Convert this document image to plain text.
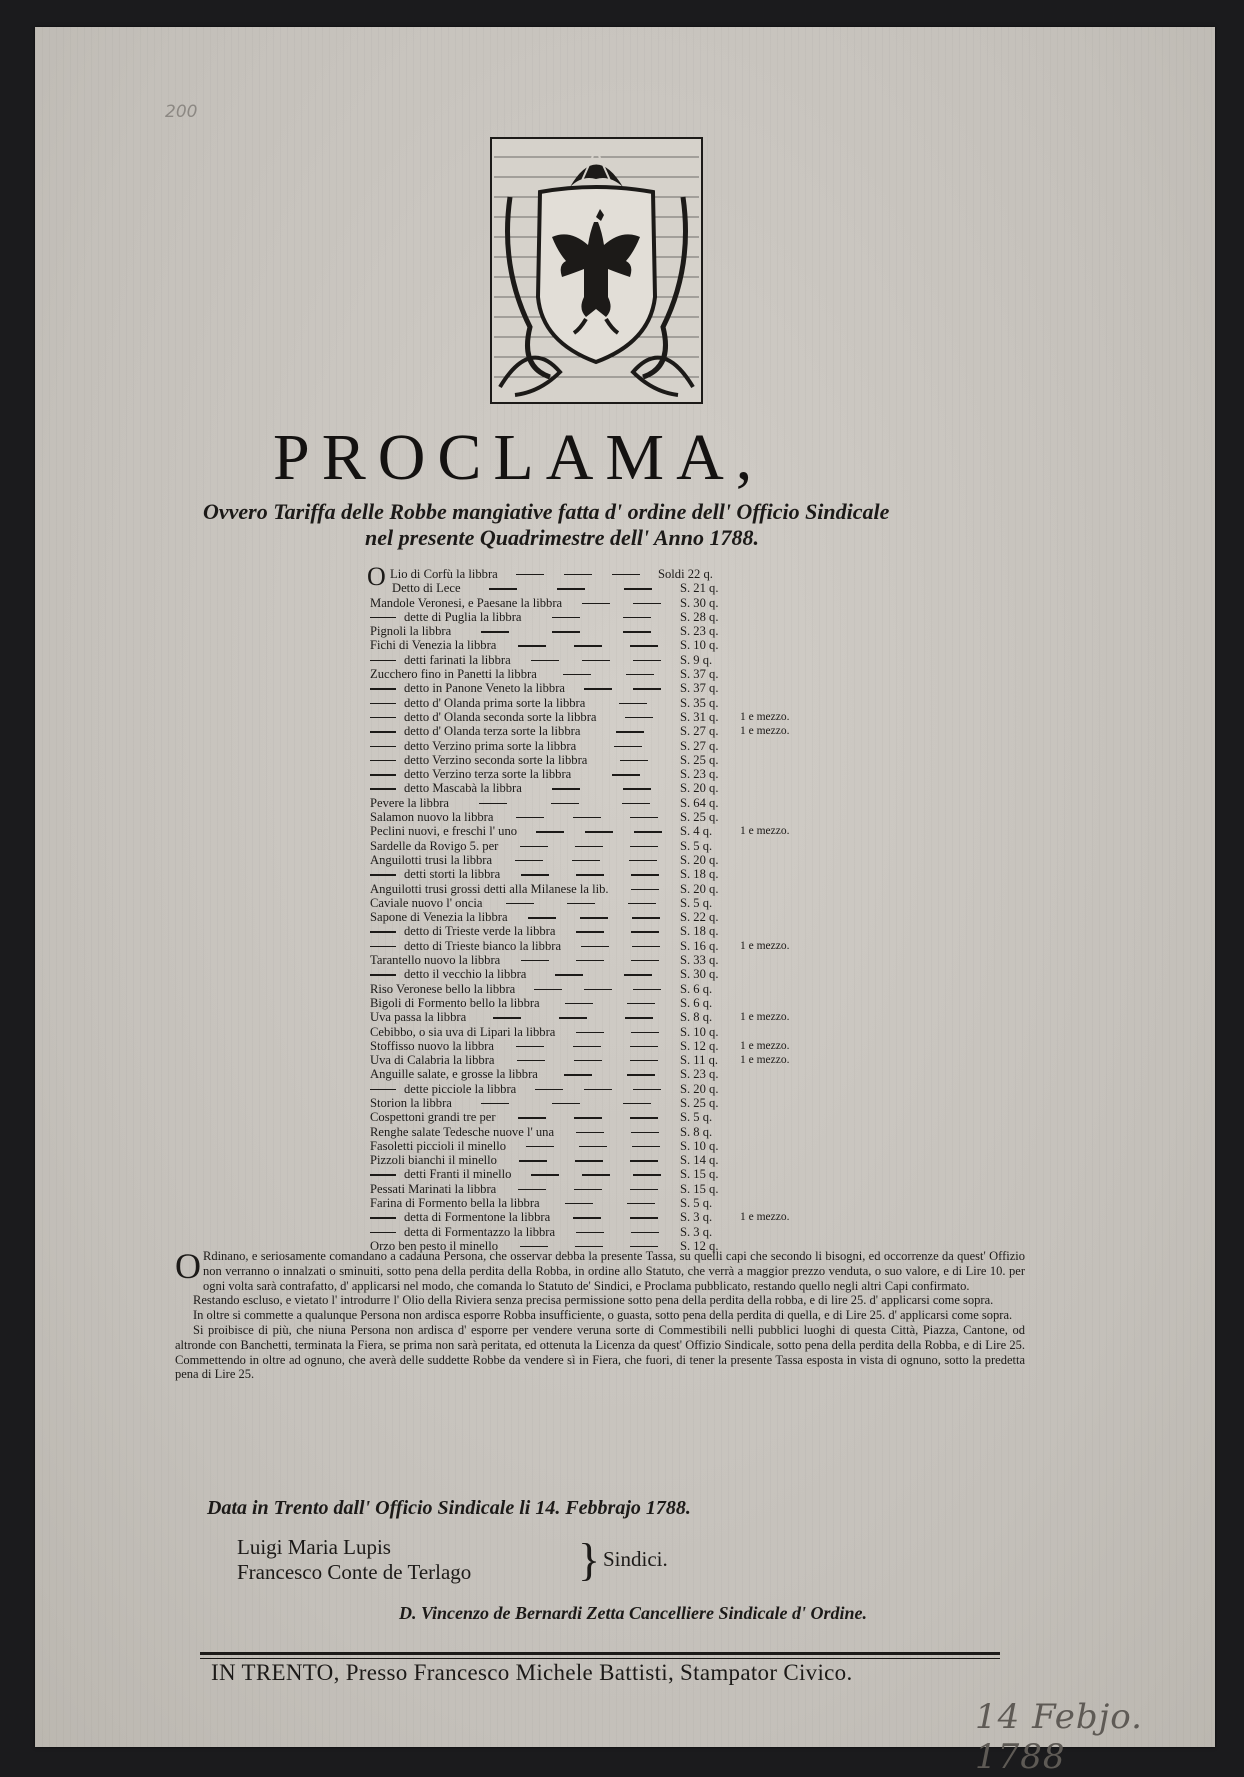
200
PROCLAMA,

Ovvero Tariffa delle Robbe mangiative fatta d' ordine dell' Officio Sindicale

nel presente Quadrimestre dell' Anno 1788.

O Lio di Corfù la libbra	Soldi 22 q.
Detto di Lece	S. 21 q.
Mandole Veronesi, e Paesane la libbra	S. 30 q.
dette di Puglia la libbra	S. 28 q.
Pignoli la libbra	S. 23 q.
Fichi di Venezia la libbra	S. 10 q.
detti farinati la libbra	S. 9 q.
Zucchero fino in Panetti la libbra	S. 37 q.
detto in Panone Veneto la libbra	S. 37 q.
detto d' Olanda prima sorte la libbra	S. 35 q.
detto d' Olanda seconda sorte la libbra	S. 31 q. 1 e mezzo.
detto d' Olanda terza sorte la libbra	S. 27 q. 1 e mezzo.
detto Verzino prima sorte la libbra	S. 27 q.
detto Verzino seconda sorte la libbra	S. 25 q.
detto Verzino terza sorte la libbra	S. 23 q.
detto Mascabà la libbra	S. 20 q.
Pevere la libbra	S. 64 q.
Salamon nuovo la libbra	S. 25 q.
Peclini nuovi, e freschi l' uno	S. 4 q. 1 e mezzo.
Sardelle da Rovigo 5. per	S. 5 q.
Anguilotti trusi la libbra	S. 20 q.
detti storti la libbra	S. 18 q.
Anguilotti trusi grossi detti alla Milanese la lib.	S. 20 q.
Caviale nuovo l' oncia	S. 5 q.
Sapone di Venezia la libbra	S. 22 q.
detto di Trieste verde la libbra	S. 18 q.
detto di Trieste bianco la libbra	S. 16 q. 1 e mezzo.
Tarantello nuovo la libbra	S. 33 q.
detto il vecchio la libbra	S. 30 q.
Riso Veronese bello la libbra	S. 6 q.
Bigoli di Formento bello la libbra	S. 6 q.
Uva passa la libbra	S. 8 q. 1 e mezzo.
Cebibbo, o sia uva di Lipari la libbra	S. 10 q.
Stoffisso nuovo la libbra	S. 12 q. 1 e mezzo.
Uva di Calabria la libbra	S. 11 q. 1 e mezzo.
Anguille salate, e grosse la libbra	S. 23 q.
dette picciole la libbra	S. 20 q.
Storion la libbra	S. 25 q.
Cospettoni grandi tre per	S. 5 q.
Renghe salate Tedesche nuove l' una	S. 8 q.
Fasoletti piccioli il minello	S. 10 q.
Pizzoli bianchi il minello	S. 14 q.
detti Franti il minello	S. 15 q.
Pessati Marinati la libbra	S. 15 q.
Farina di Formento bella la libbra	S. 5 q.
detta di Formentone la libbra	S. 3 q. 1 e mezzo.
detta di Formentazzo la libbra	S. 3 q.
Orzo ben pesto il minello	S. 12 q.

O Rdinano, e seriosamente comandano a cadauna Persona, che osservar debba la presente Tassa, su quelli capi che secondo li bisogni, ed occorrenze da quest' Offizio non verranno o innalzati o sminuiti, sotto pena della perdita della Robba, in ordine allo Statuto, che verrà a maggior prezzo venduta, o suo valore, e di Lire 10. per ogni volta sarà contrafatto, d' applicarsi nel modo, che comanda lo Statuto de' Sindici, e Proclama pubblicato, restando quello negli altri Capi confirmato.

Restando escluso, e vietato l' introdurre l' Olio della Riviera senza precisa permissione sotto pena della perdita della robba, e di lire 25. d' applicarsi come sopra.

In oltre si commette a qualunque Persona non ardisca esporre Robba insufficiente, o guasta, sotto pena della perdita di quella, e di Lire 25. d' applicarsi come sopra.

Si proibisce di più, che niuna Persona non ardisca d' esporre per vendere veruna sorte di Commestibili nelli pubblici luoghi di questa Città, Piazza, Cantone, od altronde con Banchetti, terminata la Fiera, se prima non sarà peritata, ed ottenuta la Licenza da quest' Offizio Sindicale, sotto pena della perdita della Robba, e di Lire 25. Commettendo in oltre ad ognuno, che averà delle suddette Robbe da vendere sì in Fiera, che fuori, di tener la presente Tassa esposta in vista di ognuno, sotto la predetta pena di Lire 25.

Data in Trento dall' Officio Sindicale li 14. Febbrajo 1788.
Luigi Maria Lupis
Francesco Conte de Terlago } Sindici.
D. Vincenzo de Bernardi Zetta Cancelliere Sindicale d' Ordine.
IN TRENTO, Presso Francesco Michele Battisti, Stampator Civico.
14 Febjo. 1788
